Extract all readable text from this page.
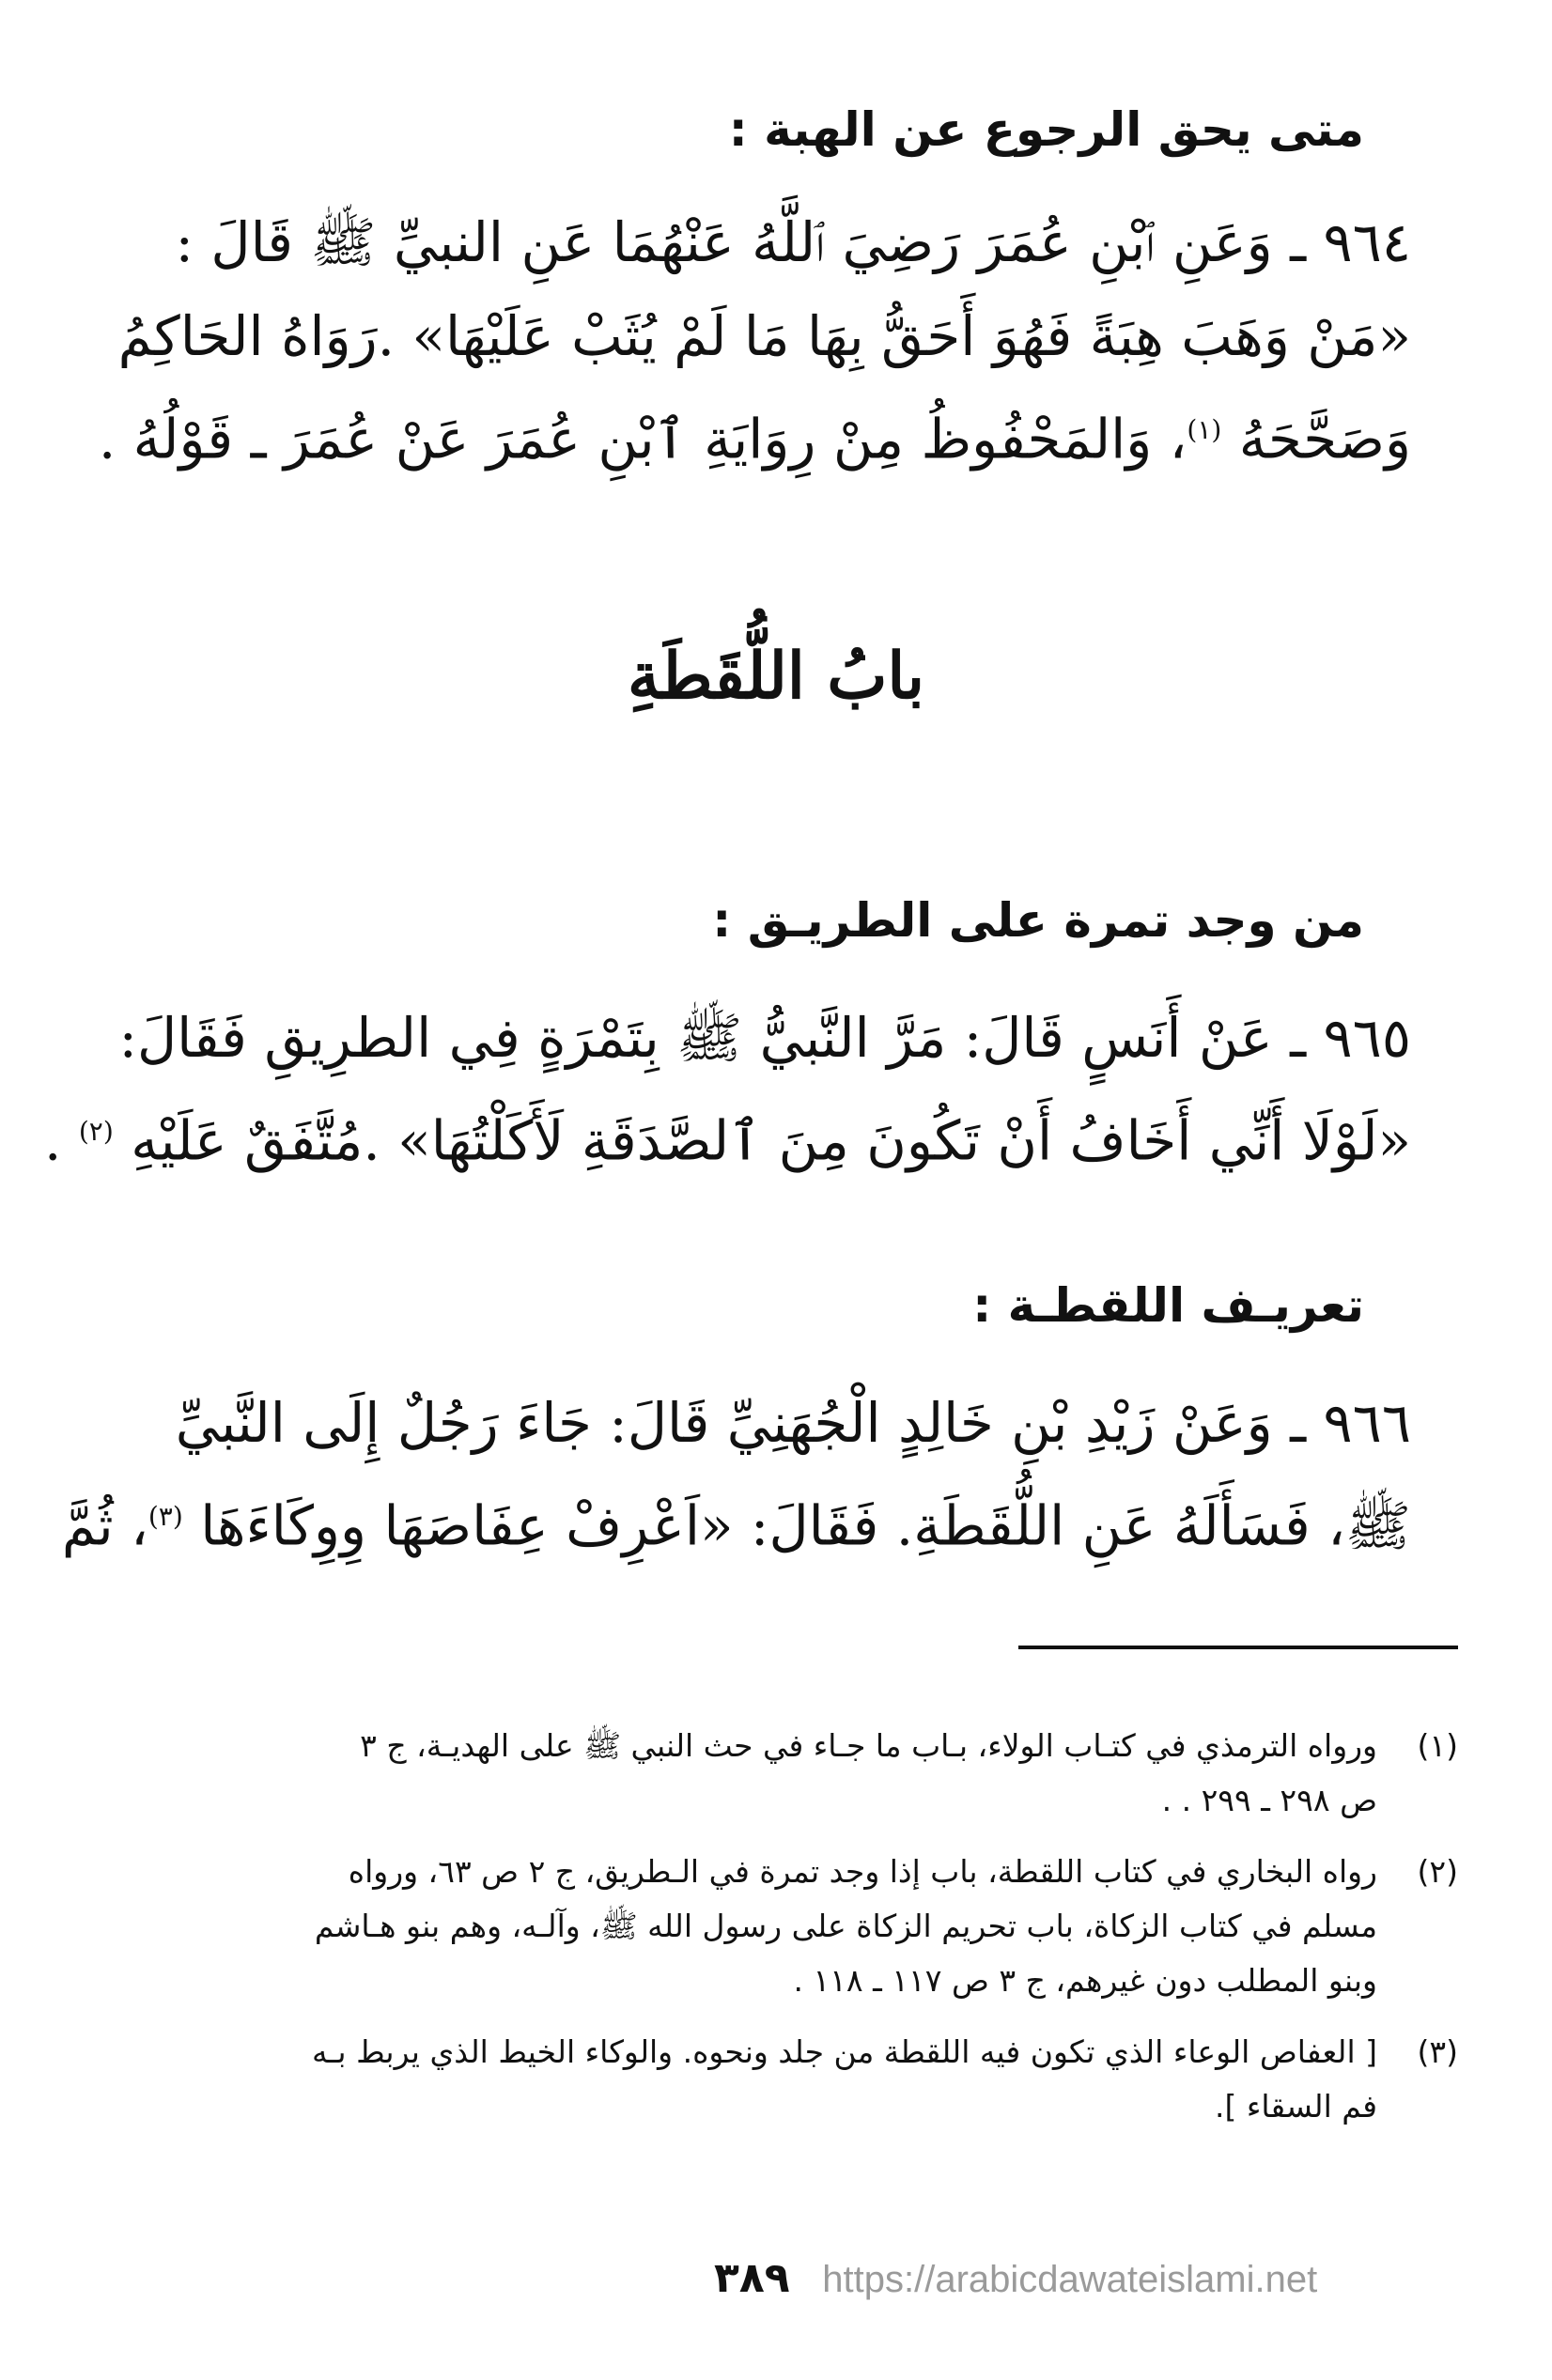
متى يحق الرجوع عن الهبة :

٩٦٤ ـ وَعَنِ ٱبْنِ عُمَرَ رَضِيَ ٱللَّهُ عَنْهُمَا عَنِ النبيِّ ﷺ قَالَ :

«مَنْ وَهَبَ هِبَةً فَهُوَ أَحَقُّ بِهَا مَا لَمْ يُثَبْ عَلَيْهَا» .رَوَاهُ الحَاكِمُ

وَصَحَّحَهُ $^{(١)}$، وَالمَحْفُوظُ مِنْ رِوَايَةِ ٱبْنِ عُمَرَ عَنْ عُمَرَ ـ قَوْلُهُ .

بابُ اللُّقَطَةِ
من وجد تمرة على الطريـق :

٩٦٥ ـ عَنْ أَنَسٍ قَالَ: مَرَّ النَّبيُّ ﷺ بِتَمْرَةٍ فِي الطرِيقِ فَقَالَ:

«لَوْلَا أَنِّي أَخَافُ أَنْ تَكُونَ مِنَ ٱلصَّدَقَةِ لَأَكَلْتُهَا» .مُتَّفَقٌ عَلَيْهِ $^{(٢)}$ .

تعريـف اللقطـة :

٩٦٦ ـ وَعَنْ زَيْدِ بْنِ خَالِدٍ الْجُهَنِيِّ قَالَ: جَاءَ رَجُلٌ إِلَى النَّبيِّ

ﷺ، فَسَأَلَهُ عَنِ اللُّقَطَةِ. فَقَالَ: «اَعْرِفْ عِفَاصَهَا وِوِكَاءَهَا $^{(٣)}$، ثُمَّ

(١)
ورواه الترمذي في كتـاب الولاء، بـاب ما جـاء في حث النبي ﷺ على الهديـة، ج ٣
ص ٢٩٨ ـ ٢٩٩ . .
(٢)
رواه البخاري في كتاب اللقطة، باب إذا وجد تمرة في الـطريق، ج ٢ ص ٦٣، ورواه
مسلم في كتاب الزكاة، باب تحريم الزكاة على رسول الله ﷺ، وآلـه، وهم بنو هـاشم
وبنو المطلب دون غيرهم، ج ٣ ص ١١٧ ـ ١١٨ .
(٣)
[ العفاص الوعاء الذي تكون فيه اللقطة من جلد ونحوه. والوكاء الخيط الذي يربط بـه
فم السقاء ].
٣٨٩ https://arabicdawateislami.net
